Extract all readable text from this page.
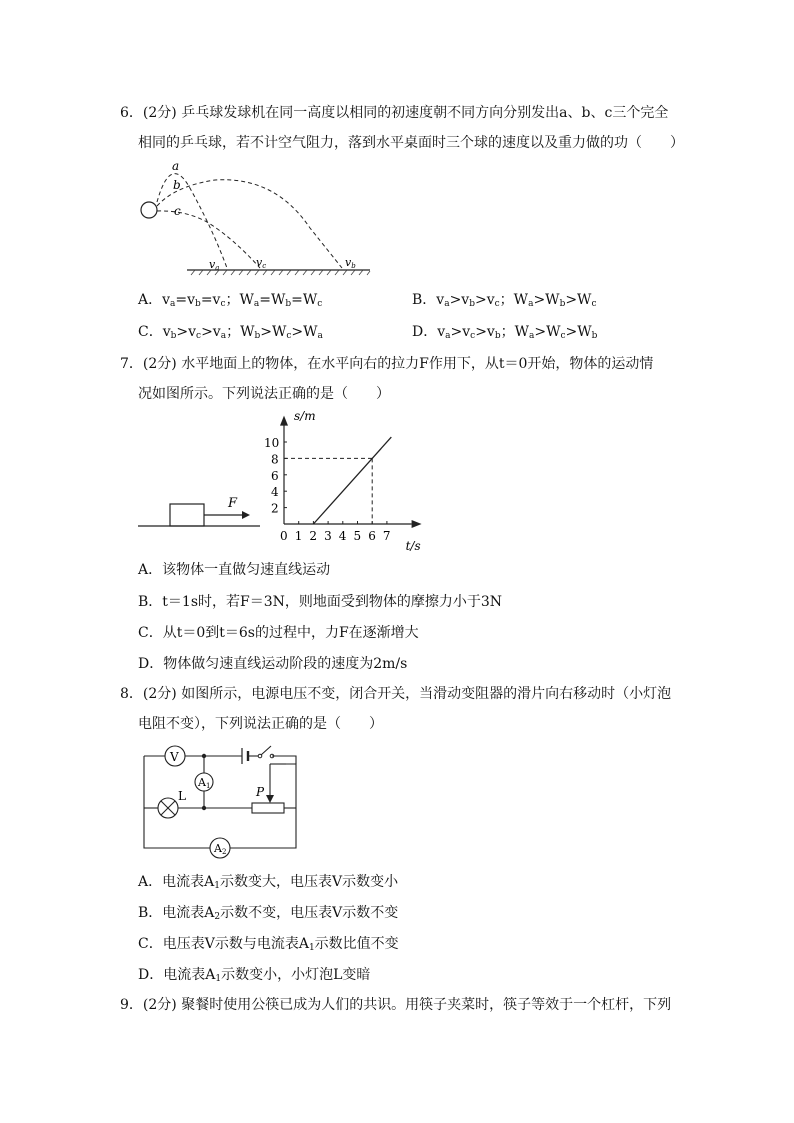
6．(2分) 乒乓球发球机在同一高度以相同的初速度朝不同方向分别发出a、b、c三个完全
相同的乒乓球，若不计空气阻力，落到水平桌面时三个球的速度以及重力做的功（　　）
a
b
c
va	vc	vb
A．$v_a=v_b=v_c$；$W_a=W_b=W_c$	B．$v_a>v_b>v_c$；$W_a>W_b>W_c$
C．$v_b>v_c>v_a$；$W_b>W_c>W_a$	D．$v_a>v_c>v_b$；$W_a>W_c>W_b$
7．(2分) 水平地面上的物体，在水平向右的拉力F作用下，从t＝0开始，物体的运动情
况如图所示。下列说法正确的是（　　）
F
s/m
t/s
0 1 2 3 4 5 6 7
2
4
6
8
10
A．该物体一直做匀速直线运动
B．t＝1s时，若F＝3N，则地面受到物体的摩擦力小于3N
C．从t＝0到t＝6s的过程中，力F在逐渐增大
D．物体做匀速直线运动阶段的速度为2m/s
8．(2分) 如图所示，电源电压不变，闭合开关，当滑动变阻器的滑片向右移动时（小灯泡
电阻不变），下列说法正确的是（　　）
V
A1
L	P
A2
A．电流表$A_1$示数变大，电压表V示数变小
B．电流表$A_2$示数不变，电压表V示数不变
C．电压表V示数与电流表$A_1$示数比值不变
D．电流表$A_1$示数变小，小灯泡L变暗
9．(2分) 聚餐时使用公筷已成为人们的共识。用筷子夹菜时，筷子等效于一个杠杆，下列
